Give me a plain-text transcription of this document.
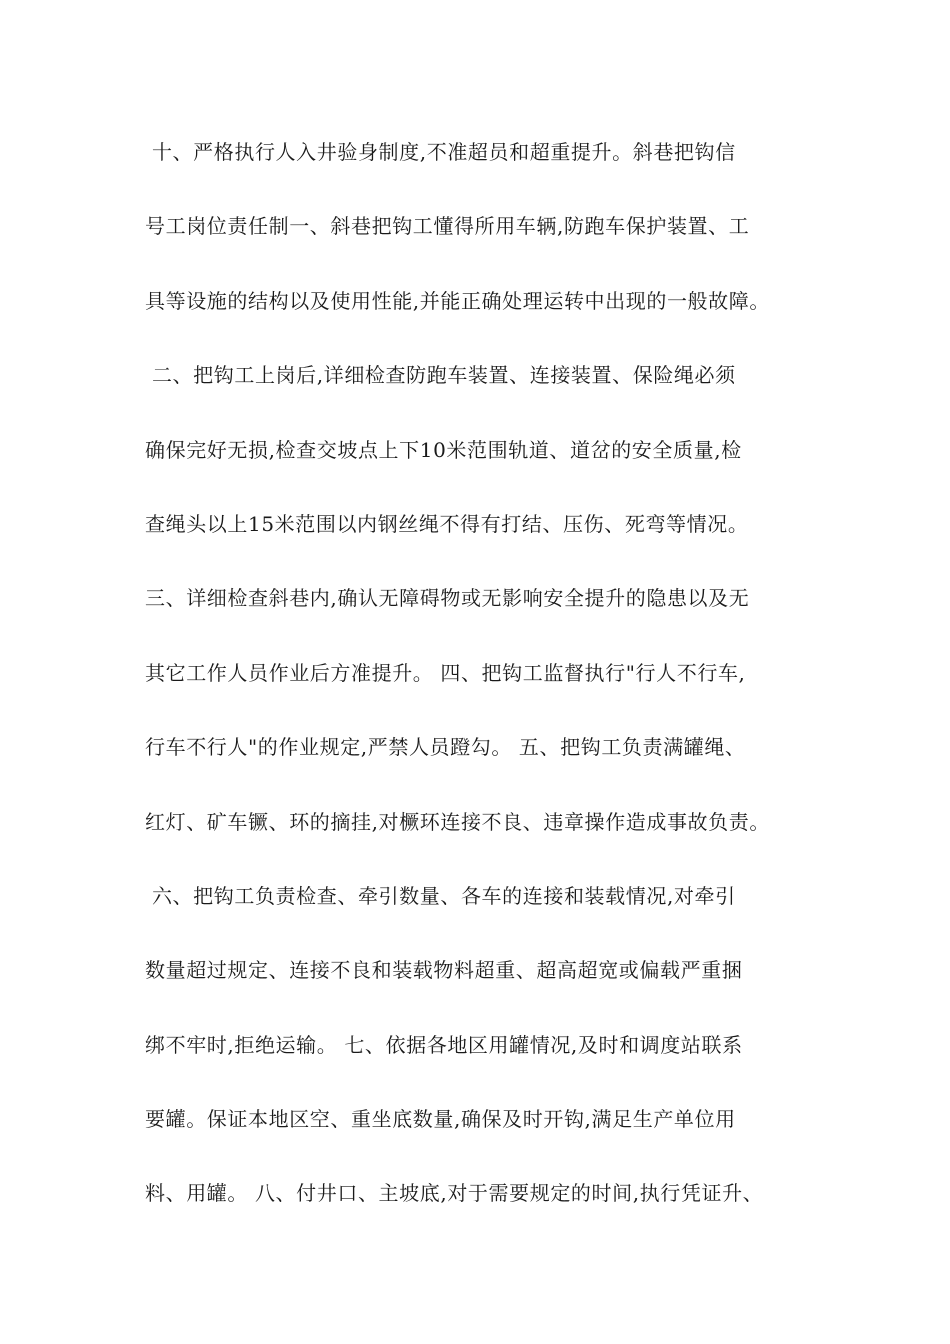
十、严格执行人入井验身制度,不准超员和超重提升。斜巷把钩信
号工岗位责任制一、斜巷把钩工懂得所用车辆,防跑车保护装置、工
具等设施的结构以及使用性能,并能正确处理运转中出现的一般故障。
二、把钩工上岗后,详细检查防跑车装置、连接装置、保险绳必须
确保完好无损,检查交坡点上下10米范围轨道、道岔的安全质量,检
查绳头以上15米范围以内钢丝绳不得有打结、压伤、死弯等情况。
三、详细检查斜巷内,确认无障碍物或无影响安全提升的隐患以及无
其它工作人员作业后方准提升。 四、把钩工监督执行"行人不行车,
行车不行人"的作业规定,严禁人员蹬勾。 五、把钩工负责满罐绳、
红灯、矿车镢、环的摘挂,对橛环连接不良、违章操作造成事故负责。
六、把钩工负责检查、牵引数量、各车的连接和装载情况,对牵引
数量超过规定、连接不良和装载物料超重、超高超宽或偏载严重捆
绑不牢时,拒绝运输。 七、依据各地区用罐情况,及时和调度站联系
要罐。保证本地区空、重坐底数量,确保及时开钩,满足生产单位用
料、用罐。 八、付井口、主坡底,对于需要规定的时间,执行凭证升、
